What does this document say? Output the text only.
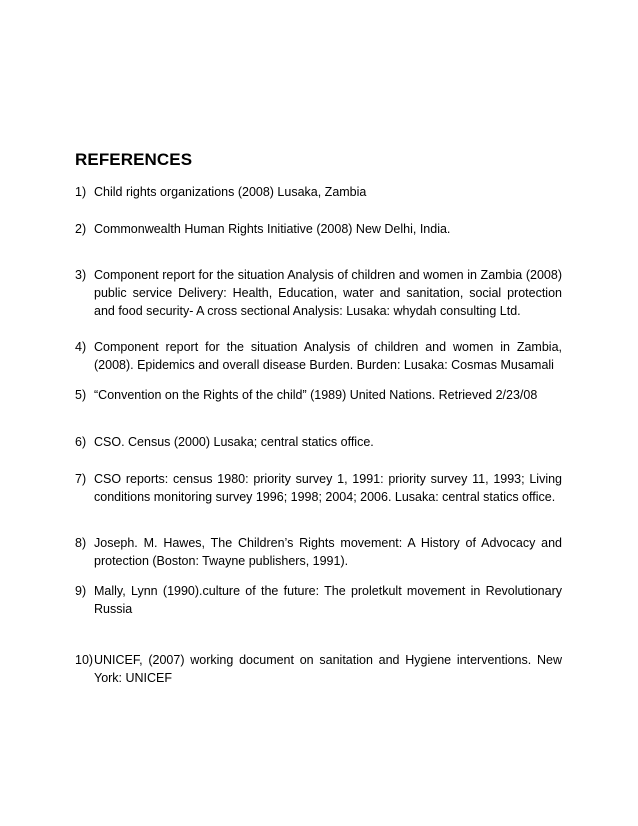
REFERENCES
1) Child rights organizations (2008) Lusaka, Zambia
2) Commonwealth Human Rights Initiative (2008) New Delhi, India.
3) Component report for the situation Analysis of children and women in Zambia (2008) public service Delivery: Health, Education, water and sanitation, social protection and food security- A cross sectional Analysis: Lusaka: whydah consulting Ltd.
4) Component report for the situation Analysis of children and women in Zambia, (2008). Epidemics and overall disease Burden. Burden: Lusaka: Cosmas Musamali
5) “Convention on the Rights of the child” (1989) United Nations. Retrieved 2/23/08
6) CSO. Census (2000) Lusaka; central statics office.
7) CSO reports: census 1980: priority survey 1, 1991: priority survey 11, 1993; Living conditions monitoring survey 1996; 1998; 2004; 2006. Lusaka: central statics office.
8) Joseph. M. Hawes, The Children’s Rights movement: A History of Advocacy and protection (Boston: Twayne publishers, 1991).
9) Mally, Lynn (1990).culture of the future: The proletkult movement in Revolutionary Russia
10) UNICEF, (2007) working document on sanitation and Hygiene interventions. New York: UNICEF
